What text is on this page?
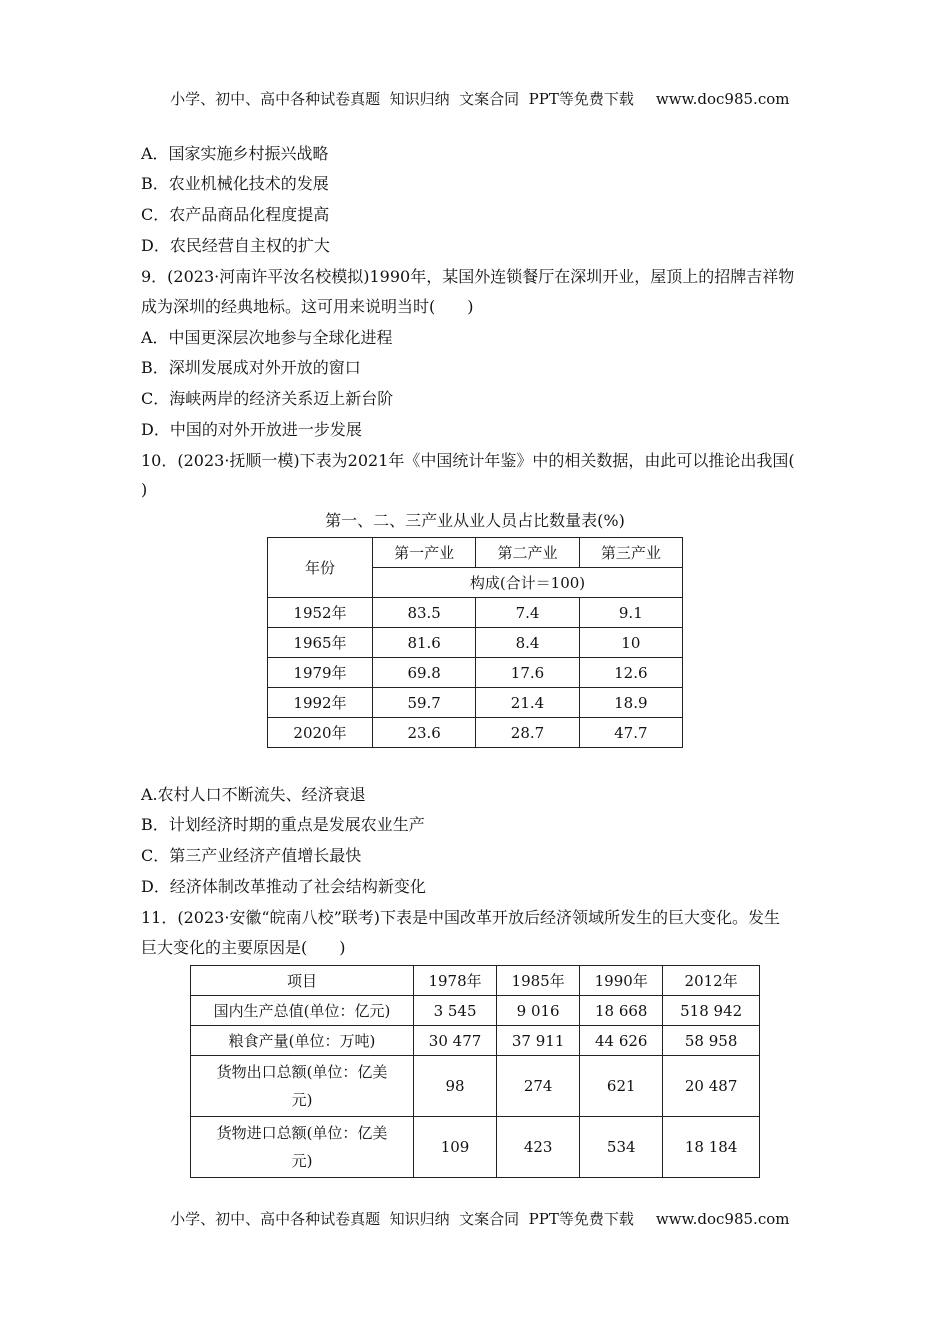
小学、初中、高中各种试卷真题  知识归纳  文案合同  PPT等免费下载 www.doc985.com

A．国家实施乡村振兴战略
B．农业机械化技术的发展
C．农产品商品化程度提高
D．农民经营自主权的扩大
9．(2023·河南许平汝名校模拟)1990年，某国外连锁餐厅在深圳开业，屋顶上的招牌吉祥物
成为深圳的经典地标。这可用来说明当时(　　)
A．中国更深层次地参与全球化进程
B．深圳发展成对外开放的窗口
C．海峡两岸的经济关系迈上新台阶
D．中国的对外开放进一步发展
10．(2023·抚顺一模)下表为2021年《中国统计年鉴》中的相关数据，由此可以推论出我国(
)
第一、二、三产业从业人员占比数量表(%)
年份	第一产业	第二产业	第三产业
	构成(合计＝100)		
1952年	83.5	7.4	9.1
1965年	81.6	8.4	10
1979年	69.8	17.6	12.6
1992年	59.7	21.4	18.9
2020年	23.6	28.7	47.7
A.农村人口不断流失、经济衰退
B．计划经济时期的重点是发展农业生产
C．第三产业经济产值增长最快
D．经济体制改革推动了社会结构新变化
11．(2023·安徽“皖南八校”联考)下表是中国改革开放后经济领域所发生的巨大变化。发生
巨大变化的主要原因是(　　)
项目	1978年	1985年	1990年	2012年
国内生产总值(单位：亿元)	3 545	9 016	18 668	518 942
粮食产量(单位：万吨)	30 477	37 911	44 626	58 958
货物出口总额(单位：亿美
元)	98	274	621	20 487
货物进口总额(单位：亿美
元)	109	423	534	18 184

小学、初中、高中各种试卷真题  知识归纳  文案合同  PPT等免费下载 www.doc985.com
